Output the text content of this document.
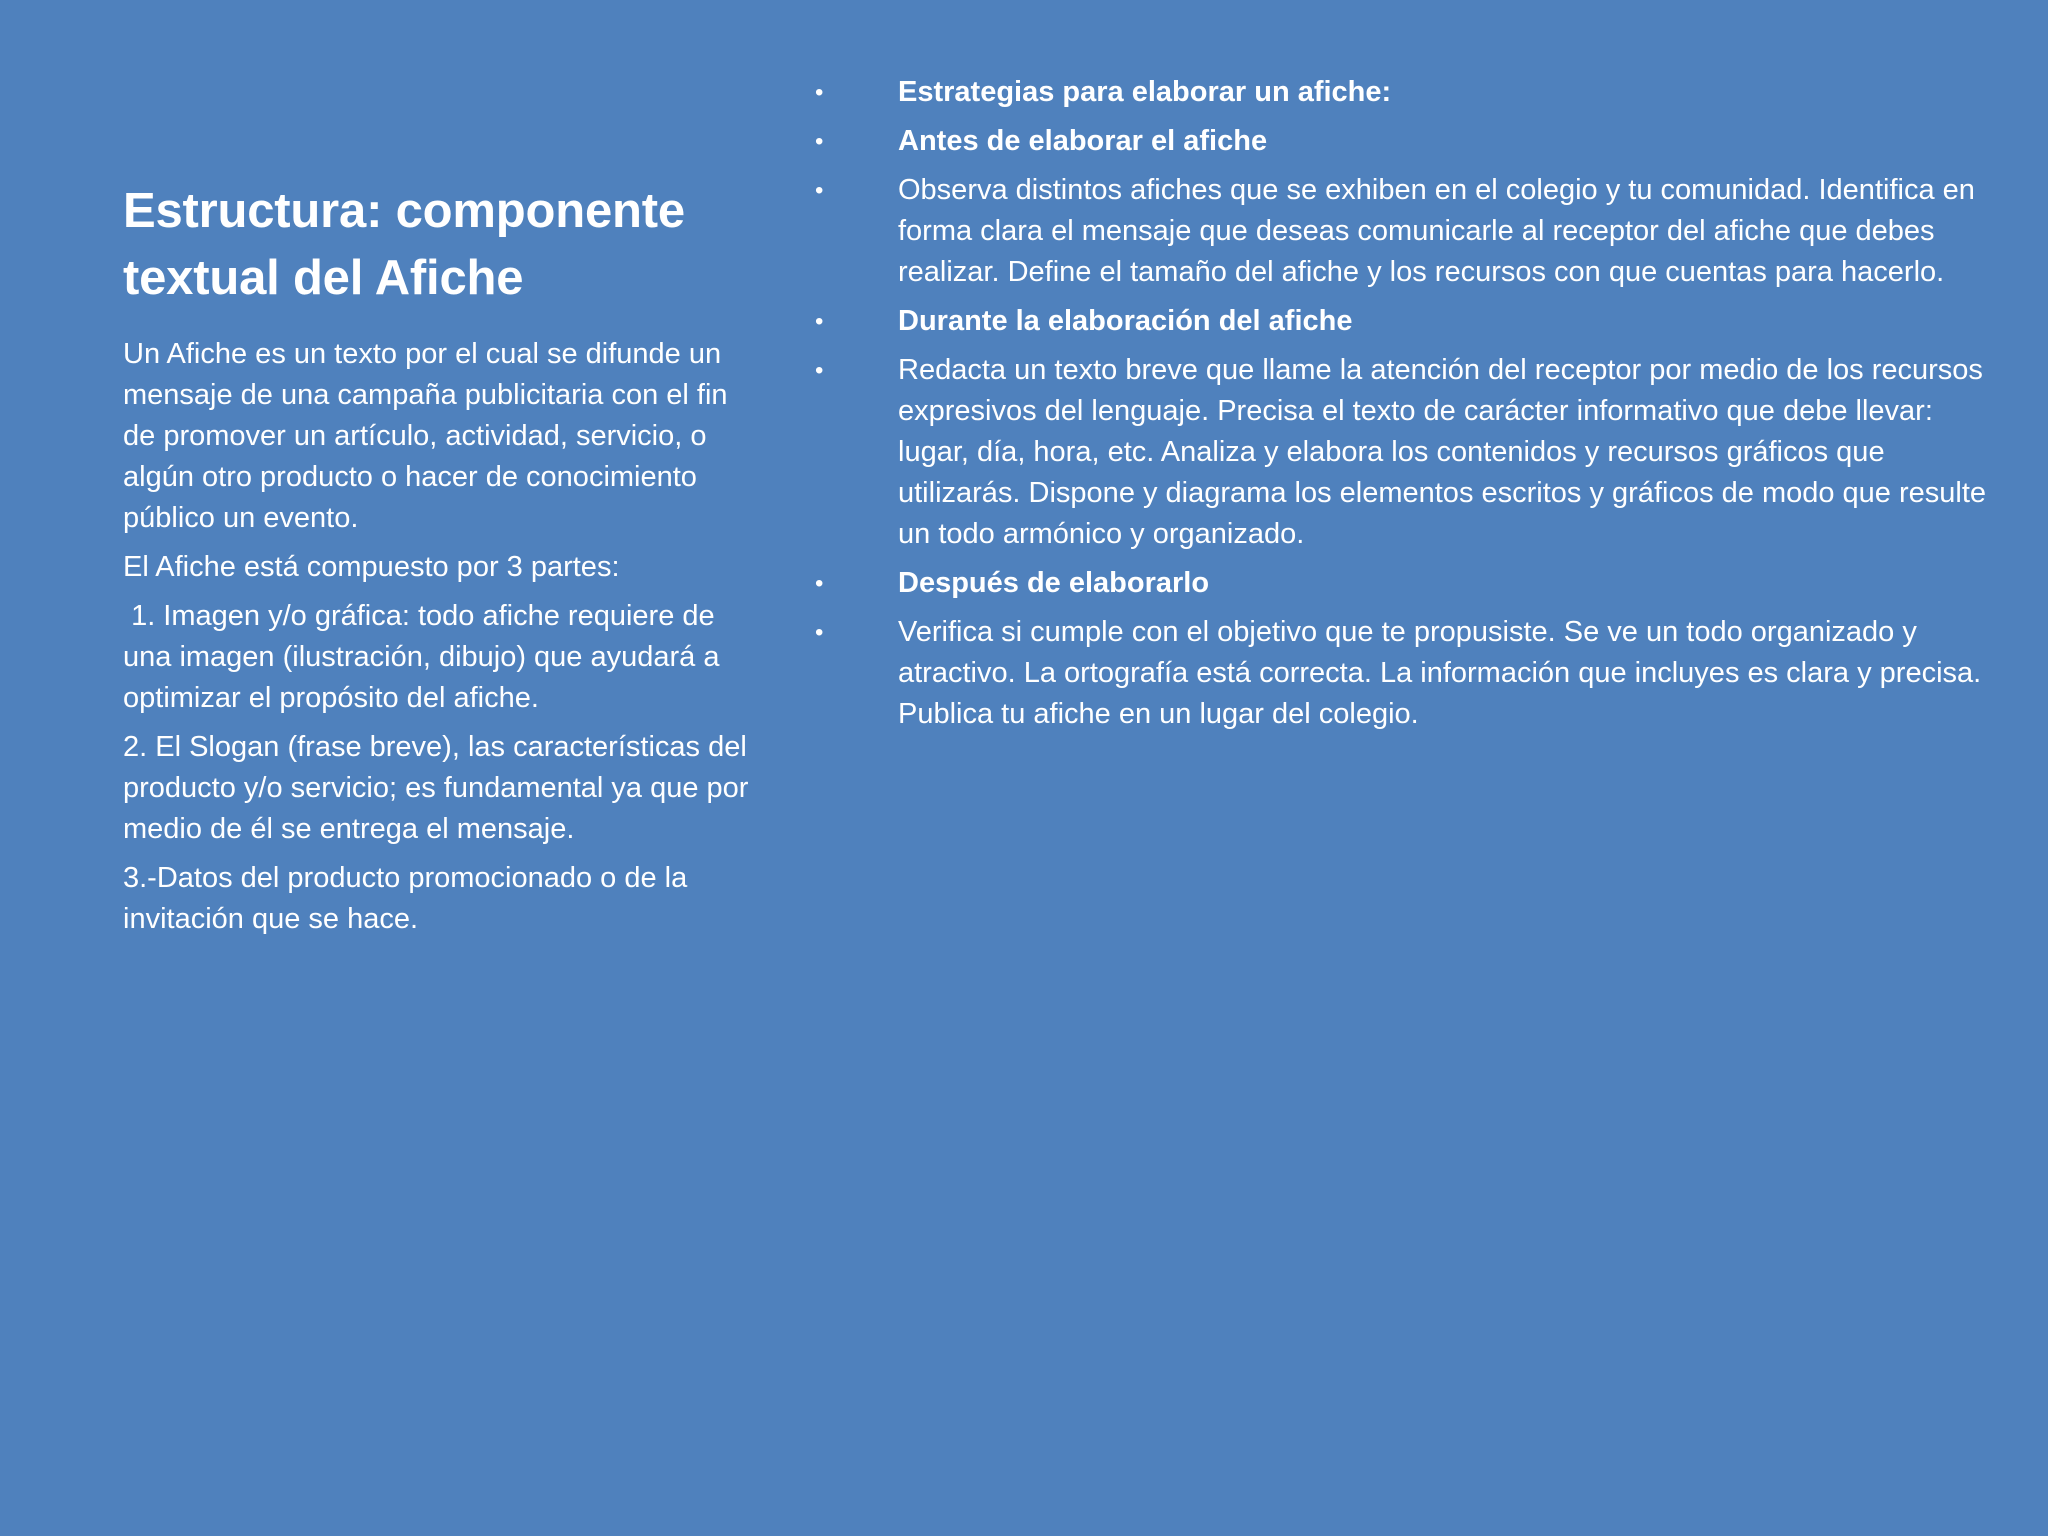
Estructura: componente textual del Afiche

Un Afiche es un texto por el cual se difunde un mensaje de una campaña publicitaria con el fin de promover un artículo, actividad, servicio, o algún otro producto o hacer de conocimiento público un evento.

El Afiche está compuesto por 3 partes:

1. Imagen y/o gráfica: todo afiche requiere de una imagen (ilustración, dibujo) que ayudará a optimizar el propósito del afiche.

2. El Slogan (frase breve), las características del producto y/o servicio; es fundamental ya que por medio de él se entrega el mensaje.

3.-Datos del producto promocionado o de la invitación que se hace.

•	Estrategias para elaborar un afiche:
•	Antes de elaborar el afiche
•	Observa distintos afiches que se exhiben en el colegio y tu comunidad. Identifica en forma clara el mensaje que deseas comunicarle al receptor del afiche que debes realizar. Define el tamaño del afiche y los recursos con que cuentas para hacerlo.
•	Durante la elaboración del afiche
•	Redacta un texto breve que llame la atención del receptor por medio de los recursos expresivos del lenguaje. Precisa el texto de carácter informativo que debe llevar: lugar, día, hora, etc. Analiza y elabora los contenidos y recursos gráficos que utilizarás. Dispone y diagrama los elementos escritos y gráficos de modo que resulte un todo armónico y organizado.
•	Después de elaborarlo
•	Verifica si cumple con el objetivo que te propusiste. Se ve un todo organizado y atractivo. La ortografía está correcta. La información que incluyes es clara y precisa. Publica tu afiche en un lugar del colegio.
